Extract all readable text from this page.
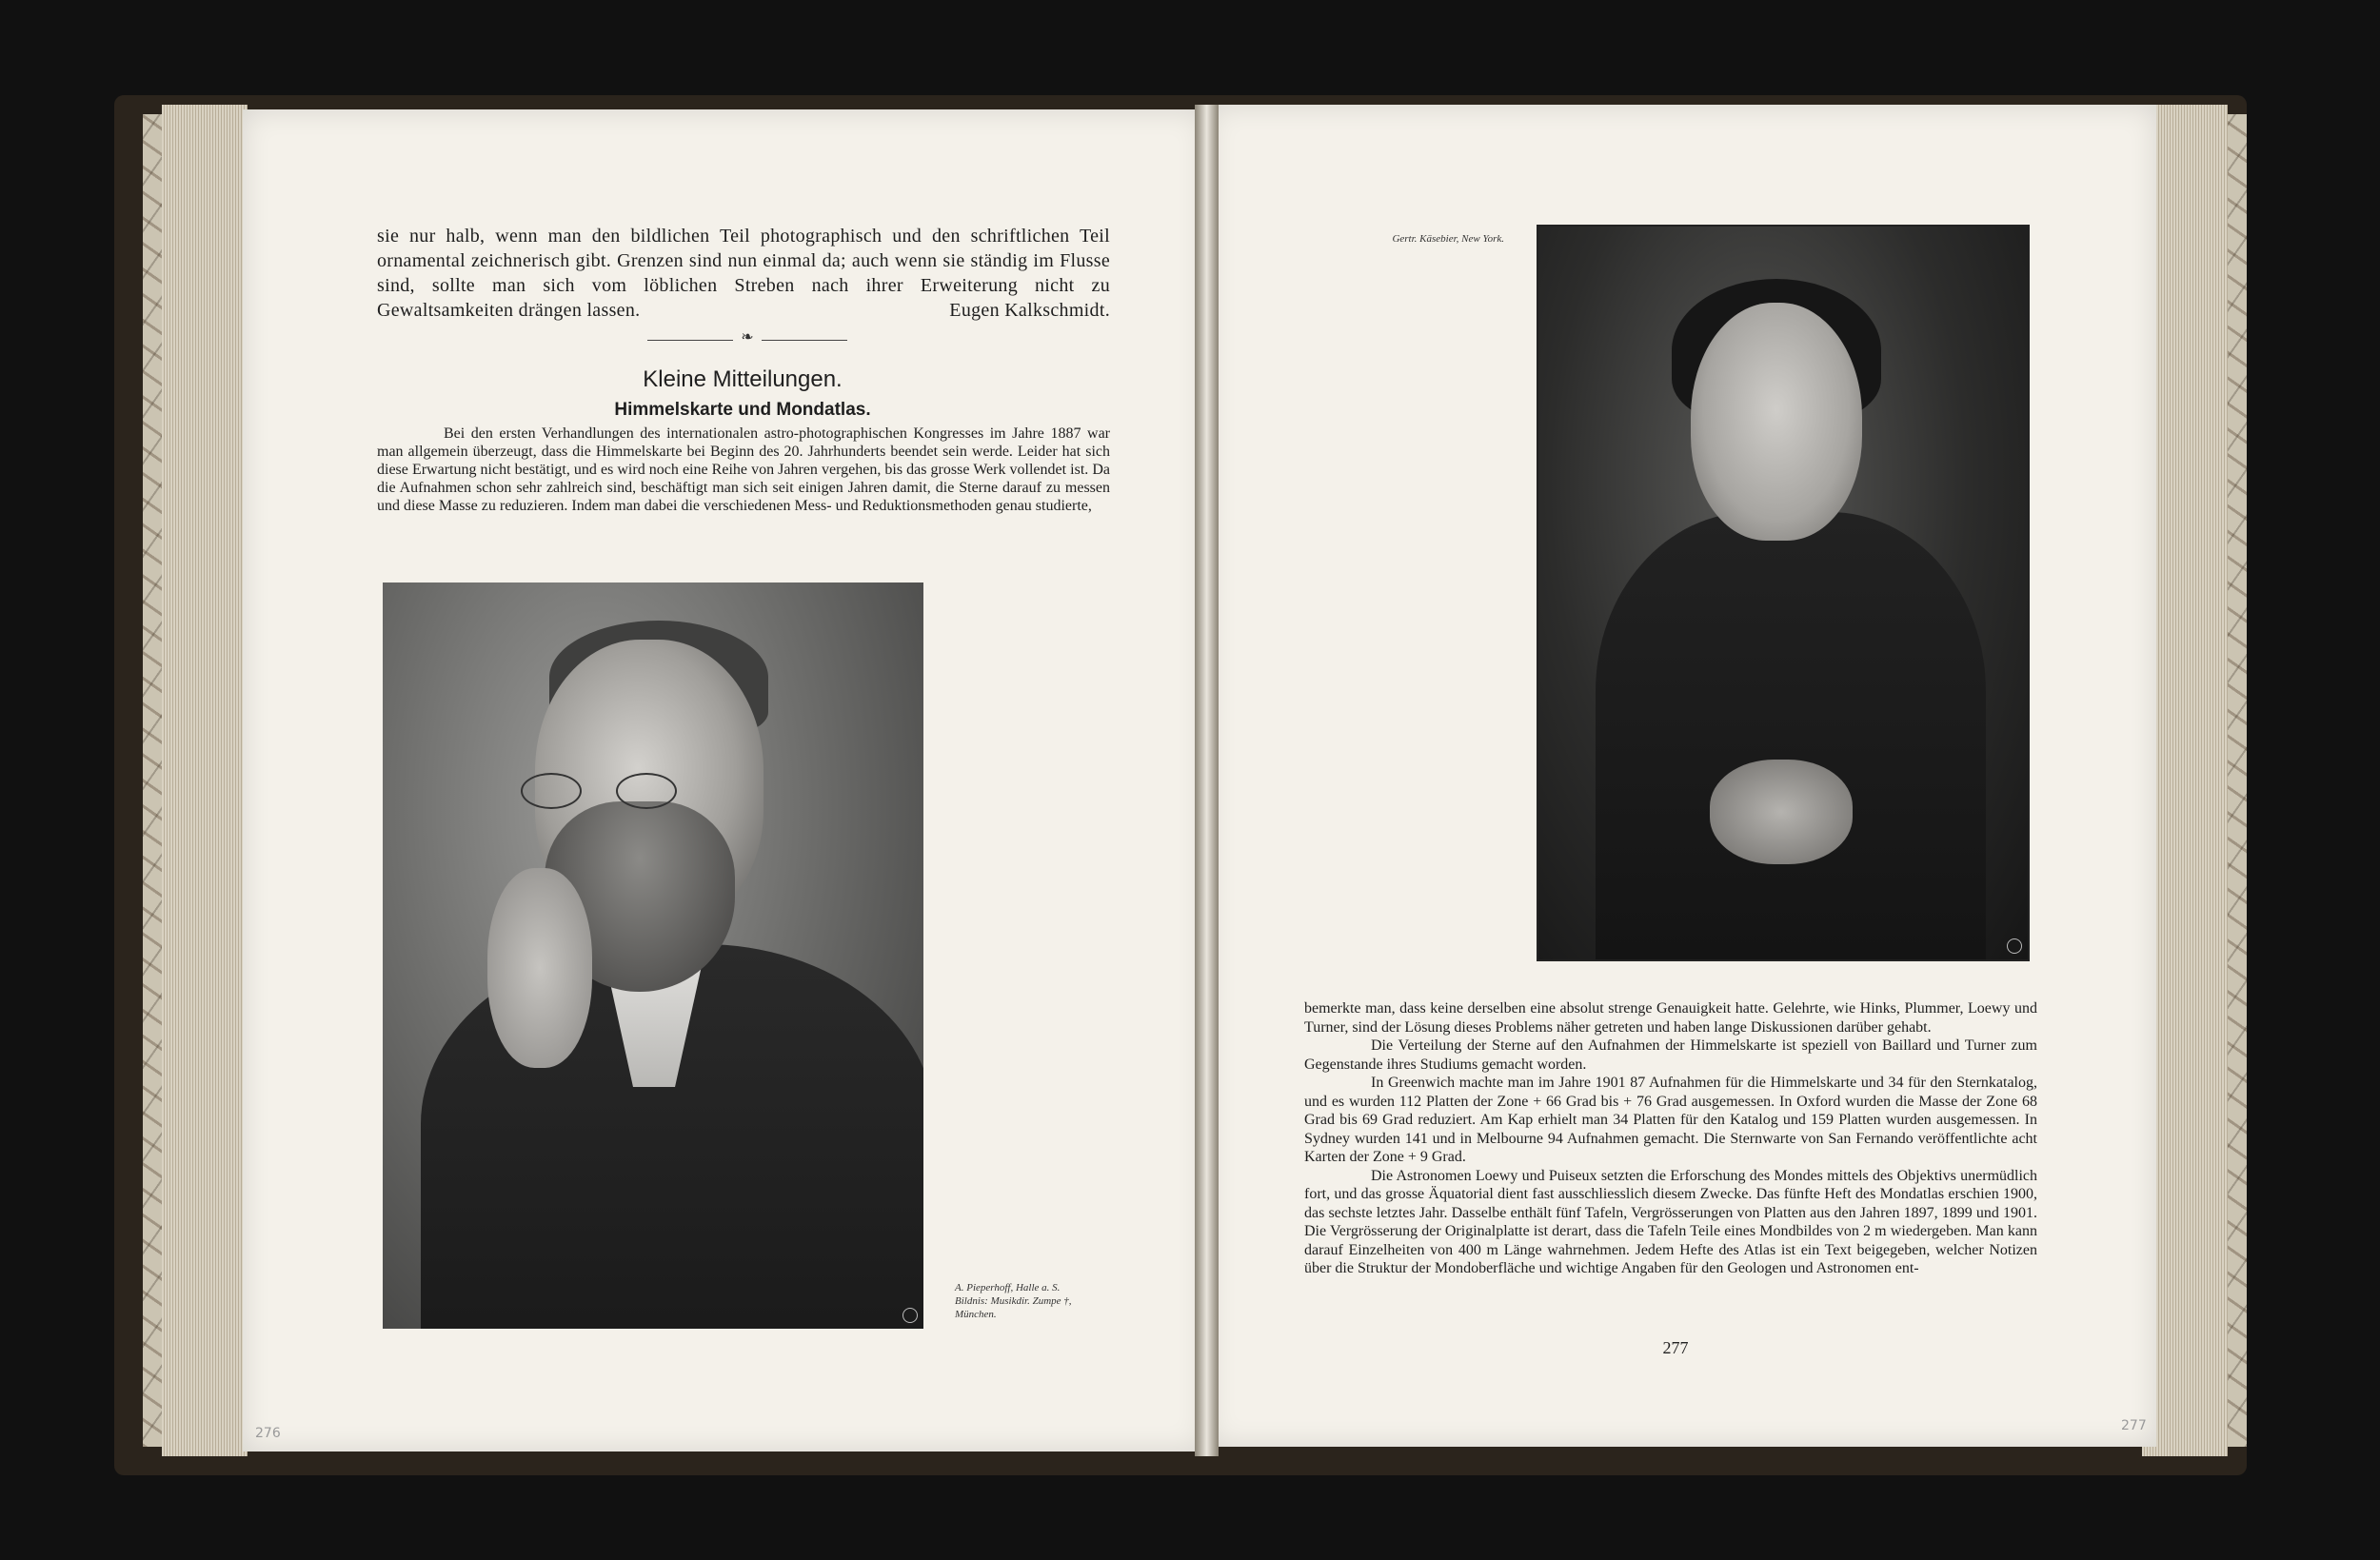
sie nur halb, wenn man den bildlichen Teil photographisch und den schriftlichen Teil ornamental zeichnerisch gibt. Grenzen sind nun einmal da; auch wenn sie ständig im Flusse sind, sollte man sich vom löblichen Streben nach ihrer Erweiterung nicht zu Gewaltsamkeiten drängen lassen.	Eugen Kalkschmidt.
❧
Kleine Mitteilungen.
Himmelskarte und Mondatlas.
Bei den ersten Verhandlungen des internationalen astro-photographischen Kongresses im Jahre 1887 war man allgemein überzeugt, dass die Himmelskarte bei Beginn des 20. Jahrhunderts beendet sein werde. Leider hat sich diese Erwartung nicht bestätigt, und es wird noch eine Reihe von Jahren vergehen, bis das grosse Werk vollendet ist. Da die Aufnahmen schon sehr zahlreich sind, beschäftigt man sich seit einigen Jahren damit, die Sterne darauf zu messen und diese Masse zu reduzieren. Indem man dabei die verschiedenen Mess- und Reduktionsmethoden genau studierte,
A. Pieperhoff, Halle a. S.
Bildnis: Musikdir. Zumpe †,
München.
276
Gertr. Käsebier, New York.

bemerkte man, dass keine derselben eine absolut strenge Genauigkeit hatte. Gelehrte, wie Hinks, Plummer, Loewy und Turner, sind der Lösung dieses Problems näher getreten und haben lange Diskussionen darüber gehabt.

Die Verteilung der Sterne auf den Aufnahmen der Himmelskarte ist speziell von Baillard und Turner zum Gegenstande ihres Studiums gemacht worden.

In Greenwich machte man im Jahre 1901 87 Aufnahmen für die Himmelskarte und 34 für den Sternkatalog, und es wurden 112 Platten der Zone + 66 Grad bis + 76 Grad ausgemessen. In Oxford wurden die Masse der Zone 68 Grad bis 69 Grad reduziert. Am Kap erhielt man 34 Platten für den Katalog und 159 Platten wurden ausgemessen. In Sydney wurden 141 und in Melbourne 94 Aufnahmen gemacht. Die Sternwarte von San Fernando veröffentlichte acht Karten der Zone + 9 Grad.

Die Astronomen Loewy und Puiseux setzten die Erforschung des Mondes mittels des Objektivs unermüdlich fort, und das grosse Äquatorial dient fast ausschliesslich diesem Zwecke. Das fünfte Heft des Mondatlas erschien 1900, das sechste letztes Jahr. Dasselbe enthält fünf Tafeln, Vergrösserungen von Platten aus den Jahren 1897, 1899 und 1901. Die Vergrösserung der Originalplatte ist derart, dass die Tafeln Teile eines Mondbildes von 2 m wiedergeben. Man kann darauf Einzelheiten von 400 m Länge wahrnehmen. Jedem Hefte des Atlas ist ein Text beigegeben, welcher Notizen über die Struktur der Mondoberfläche und wichtige Angaben für den Geologen und Astronomen ent-

277
277
